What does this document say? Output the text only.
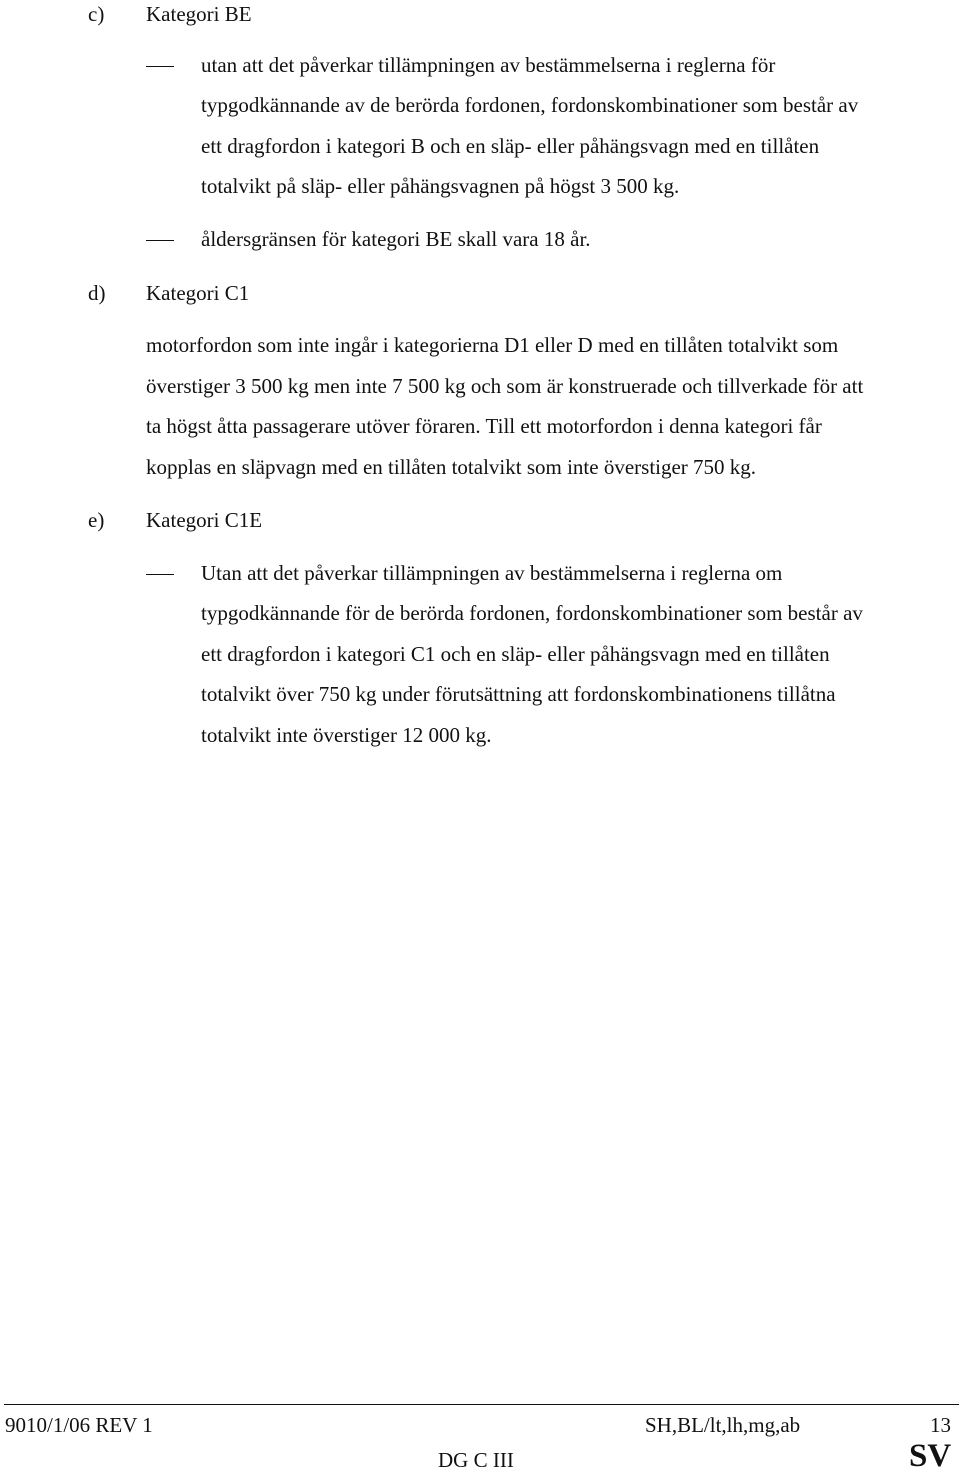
c) Kategori BE
utan att det påverkar tillämpningen av bestämmelserna i reglerna för
typgodkännande av de berörda fordonen, fordonskombinationer som består av
ett dragfordon i kategori B och en släp- eller påhängsvagn med en tillåten
totalvikt på släp- eller påhängsvagnen på högst 3 500 kg.
åldersgränsen för kategori BE skall vara 18 år.
d) Kategori C1
motorfordon som inte ingår i kategorierna D1 eller D med en tillåten totalvikt som
överstiger 3 500 kg men inte 7 500 kg och som är konstruerade och tillverkade för att
ta högst åtta passagerare utöver föraren. Till ett motorfordon i denna kategori får
kopplas en släpvagn med en tillåten totalvikt som inte överstiger 750 kg.
e) Kategori C1E
Utan att det påverkar tillämpningen av bestämmelserna i reglerna om
typgodkännande för de berörda fordonen, fordonskombinationer som består av
ett dragfordon i kategori C1 och en släp- eller påhängsvagn med en tillåten
totalvikt över 750 kg under förutsättning att fordonskombinationens tillåtna
totalvikt inte överstiger 12 000 kg.
9010/1/06 REV 1	SH,BL/lt,lh,mg,ab	13
DG C III	SV
